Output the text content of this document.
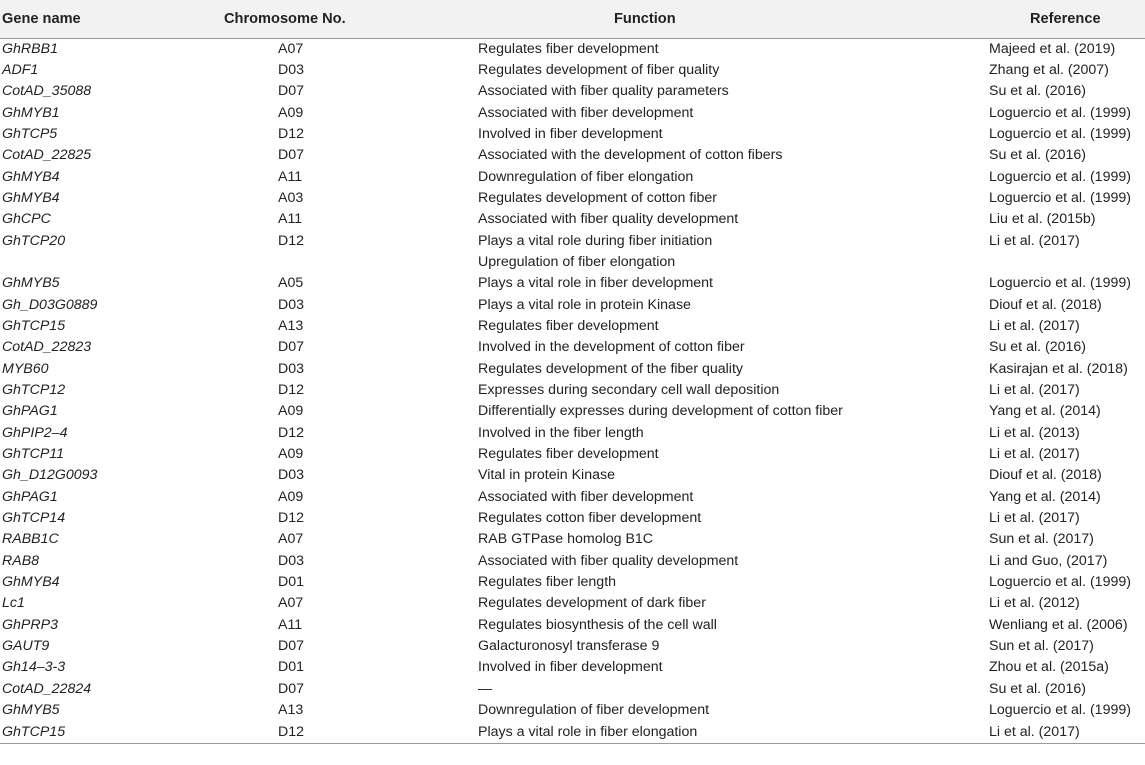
Gene name	Chromosome No.	Function	Reference
GhRBB1	A07	Regulates fiber development	Majeed et al. (2019)
ADF1	D03	Regulates development of fiber quality	Zhang et al. (2007)
CotAD_35088	D07	Associated with fiber quality parameters	Su et al. (2016)
GhMYB1	A09	Associated with fiber development	Loguercio et al. (1999)
GhTCP5	D12	Involved in fiber development	Loguercio et al. (1999)
CotAD_22825	D07	Associated with the development of cotton fibers	Su et al. (2016)
GhMYB4	A11	Downregulation of fiber elongation	Loguercio et al. (1999)
GhMYB4	A03	Regulates development of cotton fiber	Loguercio et al. (1999)
GhCPC	A11	Associated with fiber quality development	Liu et al. (2015b)
GhTCP20	D12	Plays a vital role during fiber initiation	Li et al. (2017)
		Upregulation of fiber elongation	
GhMYB5	A05	Plays a vital role in fiber development	Loguercio et al. (1999)
Gh_D03G0889	D03	Plays a vital role in protein Kinase	Diouf et al. (2018)
GhTCP15	A13	Regulates fiber development	Li et al. (2017)
CotAD_22823	D07	Involved in the development of cotton fiber	Su et al. (2016)
MYB60	D03	Regulates development of the fiber quality	Kasirajan et al. (2018)
GhTCP12	D12	Expresses during secondary cell wall deposition	Li et al. (2017)
GhPAG1	A09	Differentially expresses during development of cotton fiber	Yang et al. (2014)
GhPIP2–4	D12	Involved in the fiber length	Li et al. (2013)
GhTCP11	A09	Regulates fiber development	Li et al. (2017)
Gh_D12G0093	D03	Vital in protein Kinase	Diouf et al. (2018)
GhPAG1	A09	Associated with fiber development	Yang et al. (2014)
GhTCP14	D12	Regulates cotton fiber development	Li et al. (2017)
RABB1C	A07	RAB GTPase homolog B1C	Sun et al. (2017)
RAB8	D03	Associated with fiber quality development	Li and Guo, (2017)
GhMYB4	D01	Regulates fiber length	Loguercio et al. (1999)
Lc1	A07	Regulates development of dark fiber	Li et al. (2012)
GhPRP3	A11	Regulates biosynthesis of the cell wall	Wenliang et al. (2006)
GAUT9	D07	Galacturonosyl transferase 9	Sun et al. (2017)
Gh14–3-3	D01	Involved in fiber development	Zhou et al. (2015a)
CotAD_22824	D07	—	Su et al. (2016)
GhMYB5	A13	Downregulation of fiber development	Loguercio et al. (1999)
GhTCP15	D12	Plays a vital role in fiber elongation	Li et al. (2017)
